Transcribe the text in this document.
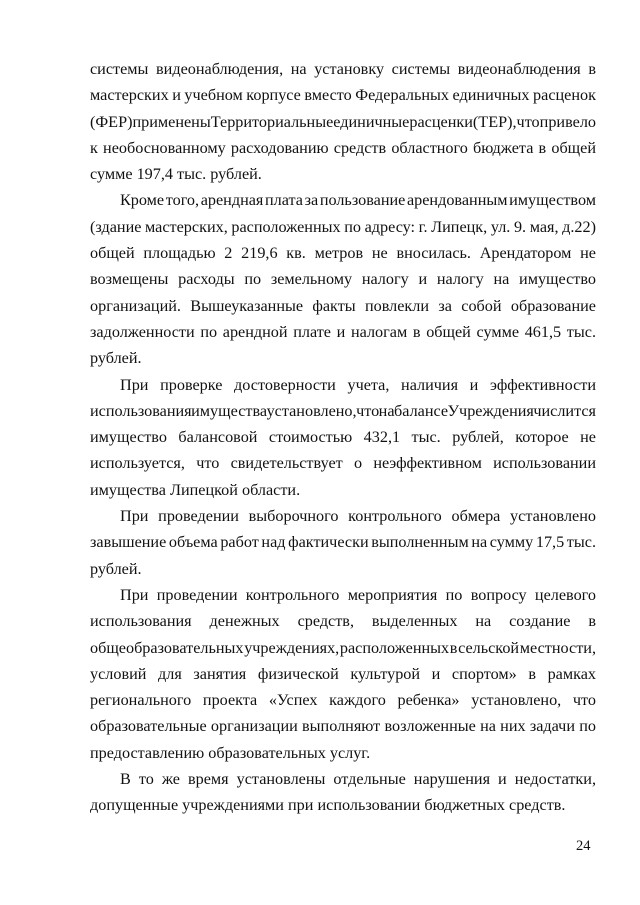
системы видеонаблюдения, на установку системы видеонаблюдения в
мастерских и учебном корпусе вместо Федеральных единичных расценок
(ФЕР) применены Территориальные единичные расценки (ТЕР), что привело
к необоснованному расходованию средств областного бюджета в общей
сумме 197,4 тыс. рублей.
Кроме того, арендная плата за пользование арендованным имуществом
(здание мастерских, расположенных по адресу: г. Липецк, ул. 9. мая, д.22)
общей площадью 2 219,6 кв. метров не вносилась. Арендатором не
возмещены расходы по земельному налогу и налогу на имущество
организаций. Вышеуказанные факты повлекли за собой образование
задолженности по арендной плате и налогам в общей сумме 461,5 тыс.
рублей.
При проверке достоверности учета, наличия и эффективности
использования имущества установлено, что на балансе Учреждения числится
имущество балансовой стоимостью 432,1 тыс. рублей, которое не
используется, что свидетельствует о неэффективном использовании
имущества Липецкой области.
При проведении выборочного контрольного обмера установлено
завышение объема работ над фактически выполненным на сумму 17,5 тыс.
рублей.
При проведении контрольного мероприятия по вопросу целевого
использования денежных средств, выделенных на создание в
общеобразовательных учреждениях, расположенных в сельской местности,
условий для занятия физической культурой и спортом» в рамках
регионального проекта «Успех каждого ребенка» установлено, что
образовательные организации выполняют возложенные на них задачи по
предоставлению образовательных услуг.
В то же время установлены отдельные нарушения и недостатки,
допущенные учреждениями при использовании бюджетных средств.
24
